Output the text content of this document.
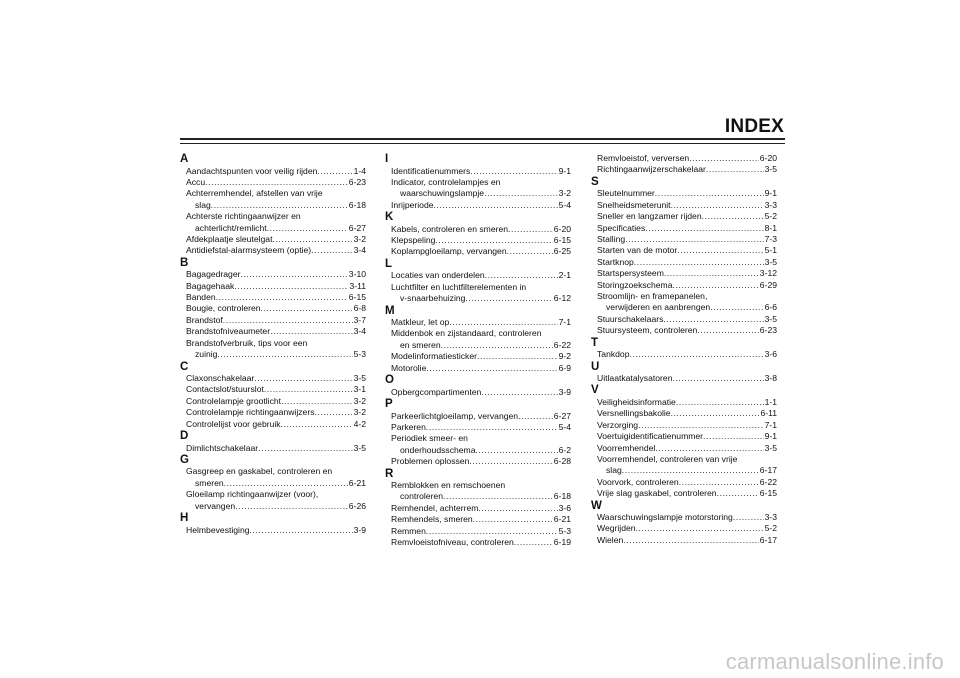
INDEX
A
Aandachtspunten voor veilig rijden .....	1-4
Accu .....	6-23
Achterremhendel, afstellen van vrije
slag .....	6-18
Achterste richtingaanwijzer en
achterlicht/remlicht .....	6-27
Afdekplaatje sleutelgat .....	3-2
Antidiefstal-alarmsysteem (optie) .....	3-4
B
Bagagedrager .....	3-10
Bagagehaak .....	3-11
Banden .....	6-15
Bougie, controleren .....	6-8
Brandstof .....	3-7
Brandstofniveaumeter .....	3-4
Brandstofverbruik, tips voor een
zuinig .....	5-3
C
Claxonschakelaar .....	3-5
Contactslot/stuurslot .....	3-1
Controlelampje grootlicht .....	3-2
Controlelampje richtingaanwijzers .....	3-2
Controlelijst voor gebruik .....	4-2
D
Dimlichtschakelaar .....	3-5
G
Gasgreep en gaskabel, controleren en
smeren .....	6-21
Gloeilamp richtingaanwijzer (voor),
vervangen .....	6-26
H
Helmbevestiging .....	3-9
I
Identificatienummers .....	9-1
Indicator, controlelampjes en
waarschuwingslampje .....	3-2
Inrijperiode .....	5-4
K
Kabels, controleren en smeren .....	6-20
Klepspeling .....	6-15
Koplampgloeilamp, vervangen .....	6-25
L
Locaties van onderdelen .....	2-1
Luchtfilter en luchtfilterelementen in
v-snaarbehuizing .....	6-12
M
Matkleur, let op .....	7-1
Middenbok en zijstandaard, controleren
en smeren .....	6-22
Modelinformatiesticker .....	9-2
Motorolie .....	6-9
O
Opbergcompartimenten .....	3-9
P
Parkeerlichtgloeilamp, vervangen .....	6-27
Parkeren .....	5-4
Periodiek smeer- en
onderhoudsschema .....	6-2
Problemen oplossen .....	6-28
R
Remblokken en remschoenen
controleren .....	6-18
Remhendel, achterrem .....	3-6
Remhendels, smeren .....	6-21
Remmen .....	5-3
Remvloeistofniveau, controleren .....	6-19
Remvloeistof, verversen .....	6-20
Richtingaanwijzerschakelaar .....	3-5
S
Sleutelnummer .....	9-1
Snelheidsmeterunit .....	3-3
Sneller en langzamer rijden .....	5-2
Specificaties .....	8-1
Stalling .....	7-3
Starten van de motor .....	5-1
Startknop .....	3-5
Startspersysteem .....	3-12
Storingzoekschema .....	6-29
Stroomlijn- en framepanelen,
verwijderen en aanbrengen .....	6-6
Stuurschakelaars .....	3-5
Stuursysteem, controleren .....	6-23
T
Tankdop .....	3-6
U
Uitlaatkatalysatoren .....	3-8
V
Veiligheidsinformatie .....	1-1
Versnellingsbakolie .....	6-11
Verzorging .....	7-1
Voertuigidentificatienummer .....	9-1
Voorremhendel .....	3-5
Voorremhendel, controleren van vrije
slag .....	6-17
Voorvork, controleren .....	6-22
Vrije slag gaskabel, controleren .....	6-15
W
Waarschuwingslampje motorstoring .....	3-3
Wegrijden .....	5-2
Wielen .....	6-17
carmanualsonline.info
